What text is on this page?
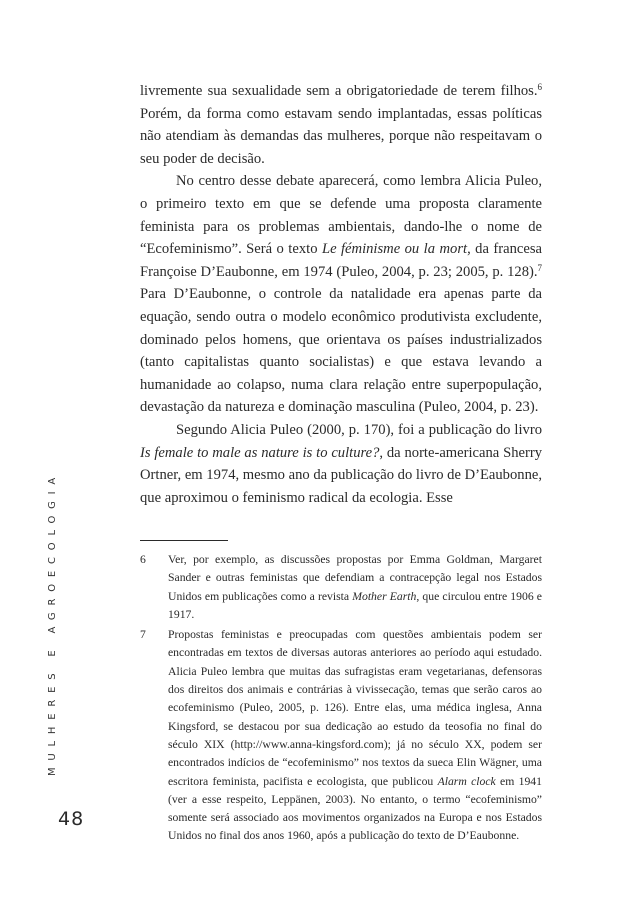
livremente sua sexualidade sem a obrigatoriedade de terem filhos.$^6$ Porém, da forma como estavam sendo implantadas, essas políticas não atendiam às demandas das mulheres, porque não respeitavam o seu poder de decisão.

No centro desse debate aparecerá, como lembra Alicia Puleo, o primeiro texto em que se defende uma proposta claramente feminista para os problemas ambientais, dando-lhe o nome de “Ecofeminismo”. Será o texto Le féminisme ou la mort, da francesa Françoise D’Eaubonne, em 1974 (Puleo, 2004, p. 23; 2005, p. 128).$^7$ Para D’Eaubonne, o controle da natalidade era apenas parte da equação, sendo outra o modelo econômico produtivista excludente, dominado pelos homens, que orientava os países industrializados (tanto capitalistas quanto socialistas) e que estava levando a humanidade ao colapso, numa clara relação entre superpopulação, devastação da natureza e dominação masculina (Puleo, 2004, p. 23).

Segundo Alicia Puleo (2000, p. 170), foi a publicação do livro Is female to male as nature is to culture?, da norte-americana Sherry Ortner, em 1974, mesmo ano da publicação do livro de D’Eaubonne, que aproximou o feminismo radical da ecologia. Esse

6	Ver, por exemplo, as discussões propostas por Emma Goldman, Margaret Sander e outras feministas que defendiam a contracepção legal nos Estados Unidos em publicações como a revista Mother Earth, que circulou entre 1906 e 1917.
7	Propostas feministas e preocupadas com questões ambientais podem ser encontradas em textos de diversas autoras anteriores ao período aqui estudado. Alicia Puleo lembra que muitas das sufragistas eram vegetarianas, defensoras dos direitos dos animais e contrárias à vivissecação, temas que serão caros ao ecofeminismo (Puleo, 2005, p. 126). Entre elas, uma médica inglesa, Anna Kingsford, se destacou por sua dedicação ao estudo da teosofia no final do século XIX (http://www.anna-kingsford.com); já no século XX, podem ser encontrados indícios de “ecofeminismo” nos textos da sueca Elin Wägner, uma escritora feminista, pacifista e ecologista, que publicou Alarm clock em 1941 (ver a esse respeito, Leppänen, 2003). No entanto, o termo “ecofeminismo” somente será associado aos movimentos organizados na Europa e nos Estados Unidos no final dos anos 1960, após a publicação do texto de D’Eaubonne.
MULHERES E AGROECOLOGIA
48
